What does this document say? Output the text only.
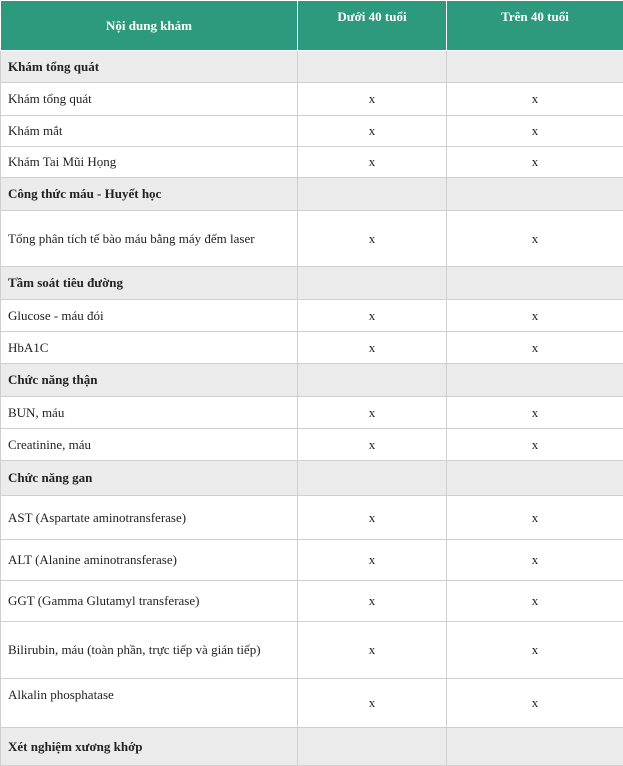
Nội dung khám	Dưới 40 tuổi	Trên 40 tuổi
Khám tổng quát		
Khám tổng quát	x	x
Khám mắt	x	x
Khám Tai Mũi Họng	x	x
Công thức máu - Huyết học		
Tổng phân tích tế bào máu bằng máy đếm laser	x	x
Tầm soát tiêu đường		
Glucose - máu đói	x	x
HbA1C	x	x
Chức năng thận		
BUN, máu	x	x
Creatinine, máu	x	x
Chức năng gan		
AST (Aspartate aminotransferase)	x	x
ALT (Alanine aminotransferase)	x	x
GGT (Gamma Glutamyl transferase)	x	x
Bilirubin, máu (toàn phần, trực tiếp và gián tiếp)	x	x
Alkalin phosphatase	x	x
Xét nghiệm xương khớp		
